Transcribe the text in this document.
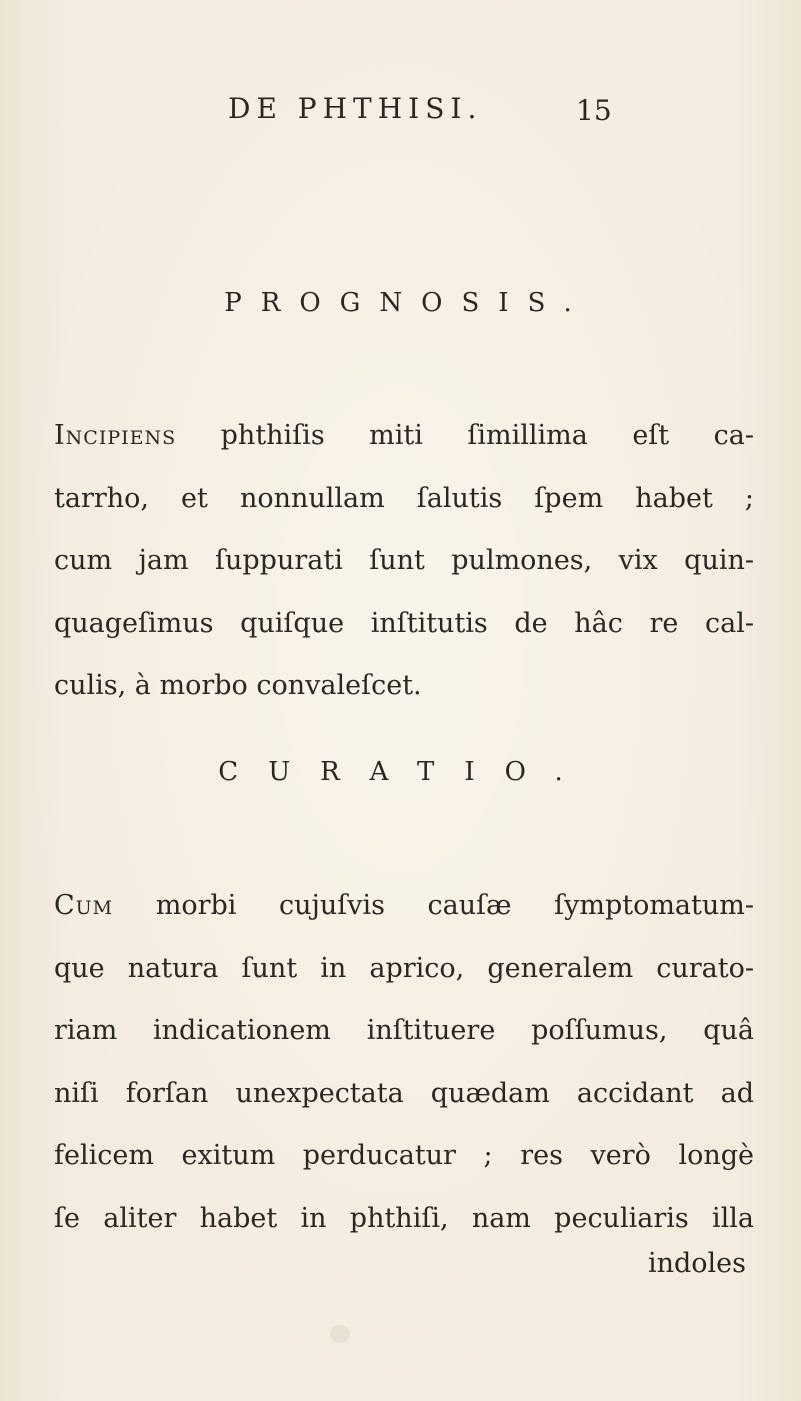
DE PHTHISI.	15
PROGNOSIS.
Incipiens phthiſis miti ſimillima eſt ca-
tarrho, et nonnullam ſalutis ſpem habet ;
cum jam ſuppurati ſunt pulmones, vix quin-
quageſimus quiſque inſtitutis de hâc re cal-
culis, à morbo convaleſcet.
CURATIO.
Cum morbi cujuſvis cauſæ ſymptomatum-
que natura ſunt in aprico, generalem curato-
riam indicationem inſtituere poſſumus, quâ
niſi forſan unexpectata quædam accidant ad
felicem exitum perducatur ; res verò longè
ſe aliter habet in phthiſi, nam peculiaris illa
indoles
